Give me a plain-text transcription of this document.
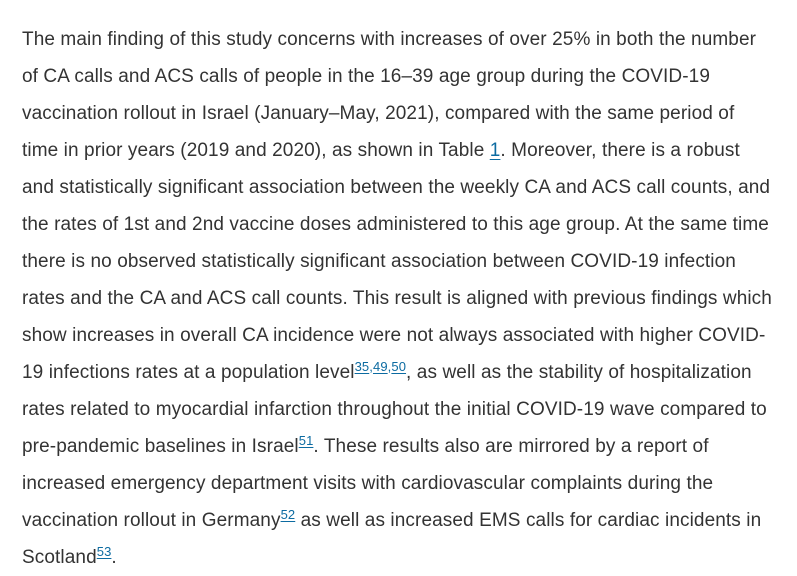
The main finding of this study concerns with increases of over 25% in both the number of CA calls and ACS calls of people in the 16–39 age group during the COVID-19 vaccination rollout in Israel (January–May, 2021), compared with the same period of time in prior years (2019 and 2020), as shown in Table 1. Moreover, there is a robust and statistically significant association between the weekly CA and ACS call counts, and the rates of 1st and 2nd vaccine doses administered to this age group. At the same time there is no observed statistically significant association between COVID-19 infection rates and the CA and ACS call counts. This result is aligned with previous findings which show increases in overall CA incidence were not always associated with higher COVID-19 infections rates at a population level$^{35,49,50}$, as well as the stability of hospitalization rates related to myocardial infarction throughout the initial COVID-19 wave compared to pre-pandemic baselines in Israel$^{51}$. These results also are mirrored by a report of increased emergency department visits with cardiovascular complaints during the vaccination rollout in Germany$^{52}$ as well as increased EMS calls for cardiac incidents in Scotland$^{53}$.
